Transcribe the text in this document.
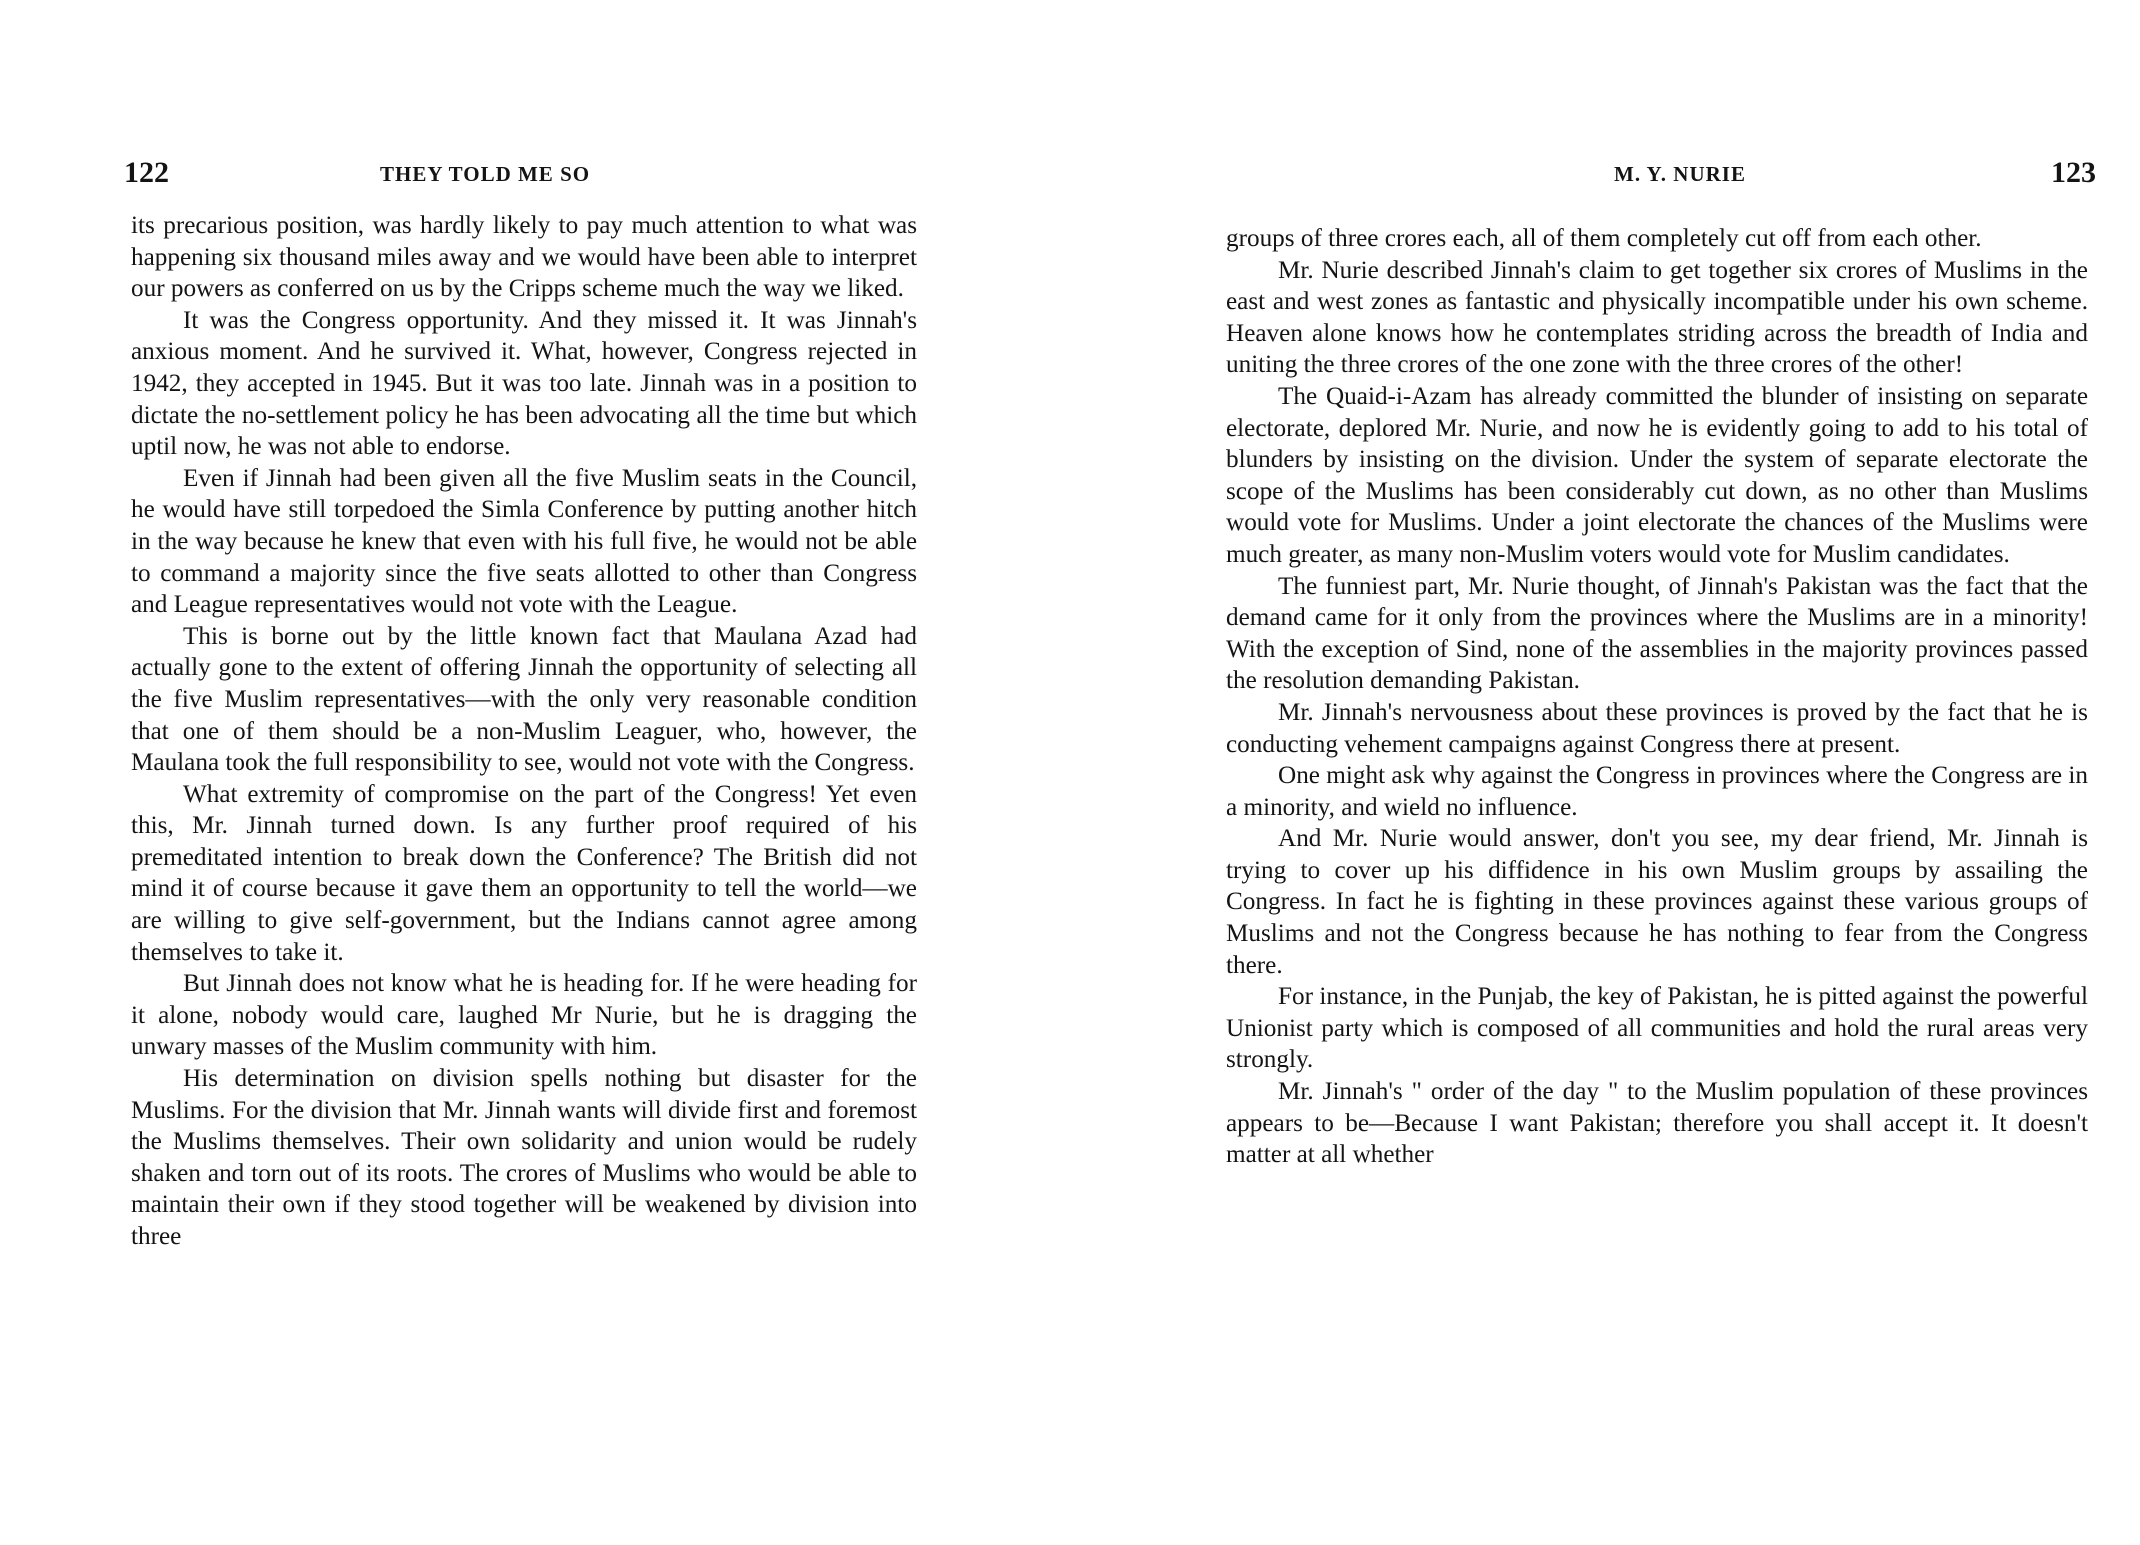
122	THEY TOLD ME SO

its precarious position, was hardly likely to pay much attention to what was happening six thousand miles away and we would have been able to interpret our powers as conferred on us by the Cripps scheme much the way we liked.

It was the Congress opportunity. And they missed it. It was Jinnah's anxious moment. And he survived it. What, however, Congress rejected in 1942, they accepted in 1945. But it was too late. Jinnah was in a position to dictate the no-settlement policy he has been advocating all the time but which uptil now, he was not able to endorse.

Even if Jinnah had been given all the five Muslim seats in the Council, he would have still torpedoed the Simla Conference by putting another hitch in the way because he knew that even with his full five, he would not be able to command a majority since the five seats allotted to other than Congress and League representatives would not vote with the League.

This is borne out by the little known fact that Maulana Azad had actually gone to the extent of offering Jinnah the opportunity of selecting all the five Muslim representatives—with the only very reasonable condition that one of them should be a non-Muslim Leaguer, who, however, the Maulana took the full responsibility to see, would not vote with the Congress.

What extremity of compromise on the part of the Congress! Yet even this, Mr. Jinnah turned down. Is any further proof required of his premeditated intention to break down the Conference? The British did not mind it of course because it gave them an opportunity to tell the world—we are willing to give self-government, but the Indians cannot agree among themselves to take it.

But Jinnah does not know what he is heading for. If he were heading for it alone, nobody would care, laughed Mr Nurie, but he is dragging the unwary masses of the Muslim community with him.

His determination on division spells nothing but disaster for the Muslims. For the division that Mr. Jinnah wants will divide first and foremost the Muslims themselves. Their own solidarity and union would be rudely shaken and torn out of its roots. The crores of Muslims who would be able to maintain their own if they stood together will be weakened by division into three

M. Y. NURIE	123

groups of three crores each, all of them completely cut off from each other.

Mr. Nurie described Jinnah's claim to get together six crores of Muslims in the east and west zones as fantastic and physically incompatible under his own scheme. Heaven alone knows how he contemplates striding across the breadth of India and uniting the three crores of the one zone with the three crores of the other!

The Quaid-i-Azam has already committed the blunder of insisting on separate electorate, deplored Mr. Nurie, and now he is evidently going to add to his total of blunders by insisting on the division. Under the system of separate electorate the scope of the Muslims has been considerably cut down, as no other than Muslims would vote for Muslims. Under a joint electorate the chances of the Muslims were much greater, as many non-Muslim voters would vote for Muslim candidates.

The funniest part, Mr. Nurie thought, of Jinnah's Pakistan was the fact that the demand came for it only from the provinces where the Muslims are in a minority! With the exception of Sind, none of the assemblies in the majority provinces passed the resolution demanding Pakistan.

Mr. Jinnah's nervousness about these provinces is proved by the fact that he is conducting vehement campaigns against Congress there at present.

One might ask why against the Congress in provinces where the Congress are in a minority, and wield no influence.

And Mr. Nurie would answer, don't you see, my dear friend, Mr. Jinnah is trying to cover up his diffidence in his own Muslim groups by assailing the Congress. In fact he is fighting in these provinces against these various groups of Muslims and not the Congress because he has nothing to fear from the Congress there.

For instance, in the Punjab, the key of Pakistan, he is pitted against the powerful Unionist party which is composed of all communities and hold the rural areas very strongly.

Mr. Jinnah's " order of the day " to the Muslim population of these provinces appears to be—Because I want Pakistan; therefore you shall accept it. It doesn't matter at all whether
